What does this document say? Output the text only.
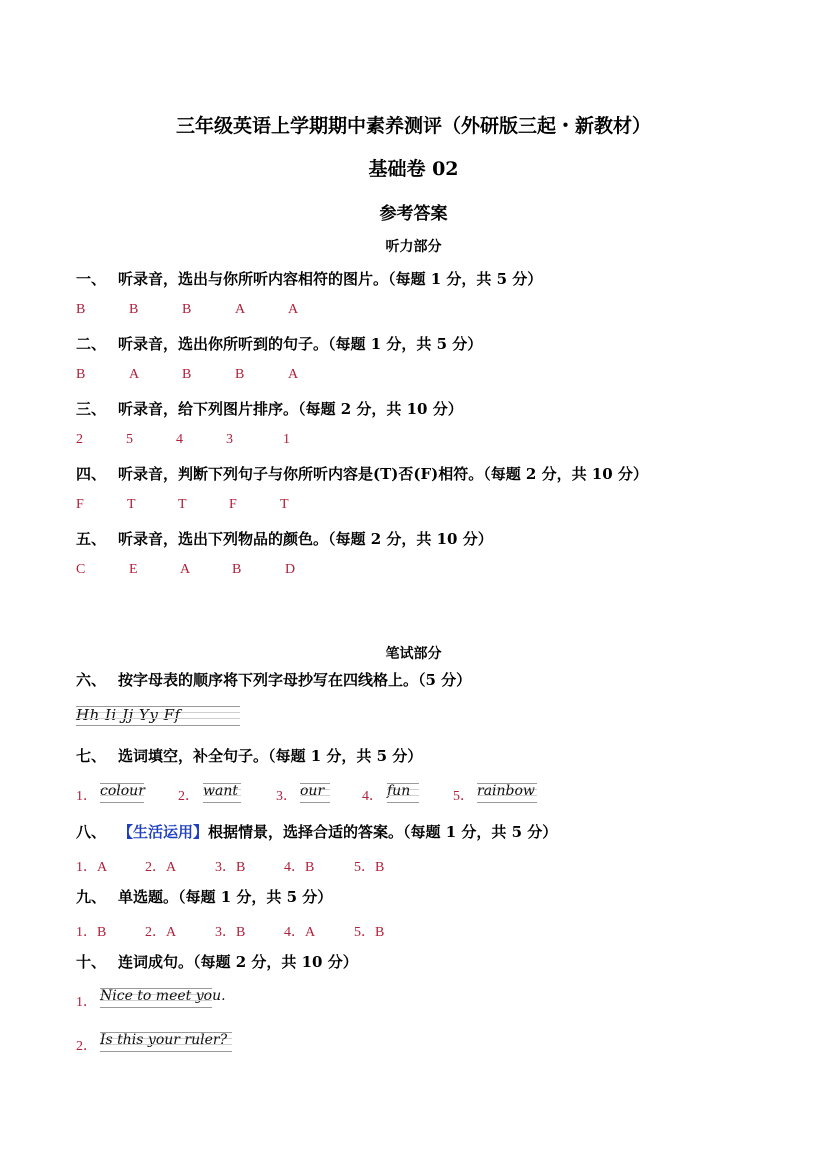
三年级英语上学期期中素养测评（外研版三起・新教材）
基础卷 02
参考答案
听力部分
一、 听录音，选出与你所听内容相符的图片。（每题 1 分，共 5 分）
B	B	B	A	A
二、 听录音，选出你所听到的句子。（每题 1 分，共 5 分）
B	A	B	B	A
三、 听录音，给下列图片排序。（每题 2 分，共 10 分）
2	5	4	3	1
四、 听录音，判断下列句子与你所听内容是(T)否(F)相符。（每题 2 分，共 10 分）
F	T	T	F	T
五、 听录音，选出下列物品的颜色。（每题 2 分，共 10 分）
C	E	A	B	D
笔试部分
六、 按字母表的顺序将下列字母抄写在四线格上。（5 分）
Hh Ii Jj Yy Ff
七、 选词填空，补全句子。（每题 1 分，共 5 分）
1． colour 2． want	3． our	4． fun	5． rainbow
八、 【生活运用】根据情景，选择合适的答案。（每题 1 分，共 5 分）
1．A	2．A	3．B	4．B	5．B
九、 单选题。（每题 1 分，共 5 分）
1．B	2．A	3．B	4．A	5．B
十、 连词成句。（每题 2 分，共 10 分）
1． Nice to meet you.
2． Is this your ruler?
